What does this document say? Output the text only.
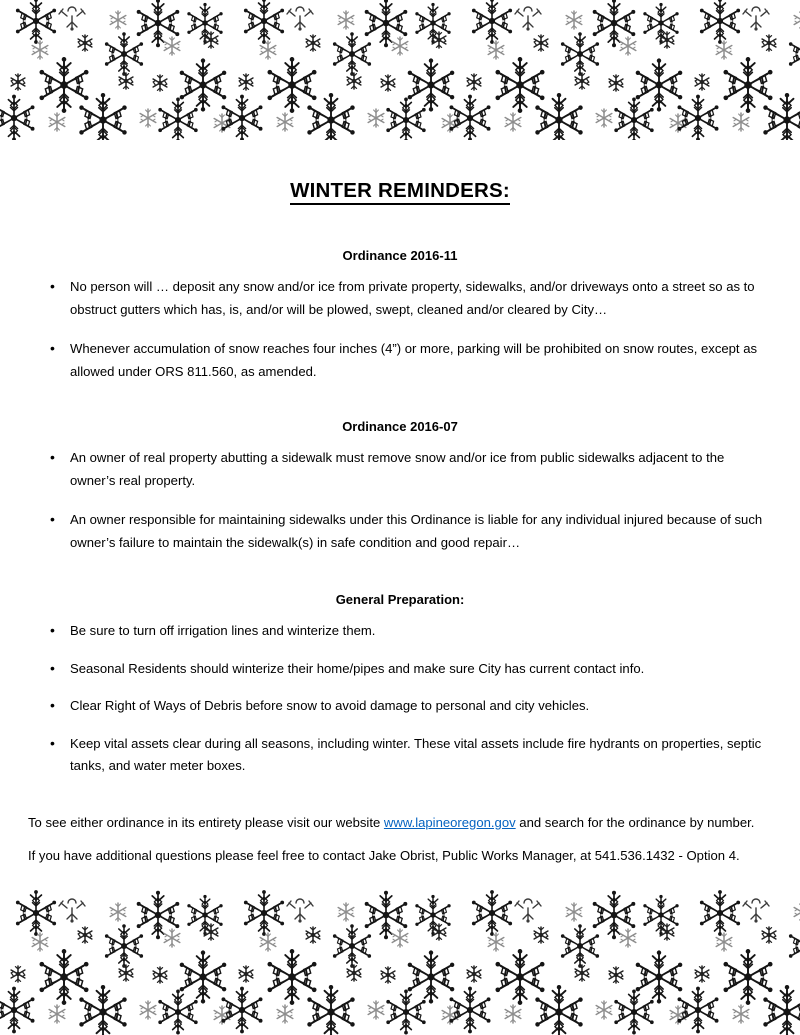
WINTER REMINDERS:
Ordinance 2016-11
• No person will … deposit any snow and/or ice from private property, sidewalks, and/or driveways onto a street so as to obstruct gutters which has, is, and/or will be plowed, swept, cleaned and/or cleared by City…
• Whenever accumulation of snow reaches four inches (4”) or more, parking will be prohibited on snow routes, except as allowed under ORS 811.560, as amended.
Ordinance 2016-07
• An owner of real property abutting a sidewalk must remove snow and/or ice from public sidewalks adjacent to the owner’s real property.
• An owner responsible for maintaining sidewalks under this Ordinance is liable for any individual injured because of such owner’s failure to maintain the sidewalk(s) in safe condition and good repair…
General Preparation:
• Be sure to turn off irrigation lines and winterize them.
• Seasonal Residents should winterize their home/pipes and make sure City has current contact info.
• Clear Right of Ways of Debris before snow to avoid damage to personal and city vehicles.
• Keep vital assets clear during all seasons, including winter. These vital assets include fire hydrants on properties, septic tanks, and water meter boxes.

To see either ordinance in its entirety please visit our website www.lapineoregon.gov and search for the ordinance by number.

If you have additional questions please feel free to contact Jake Obrist, Public Works Manager, at 541.536.1432 - Option 4.
